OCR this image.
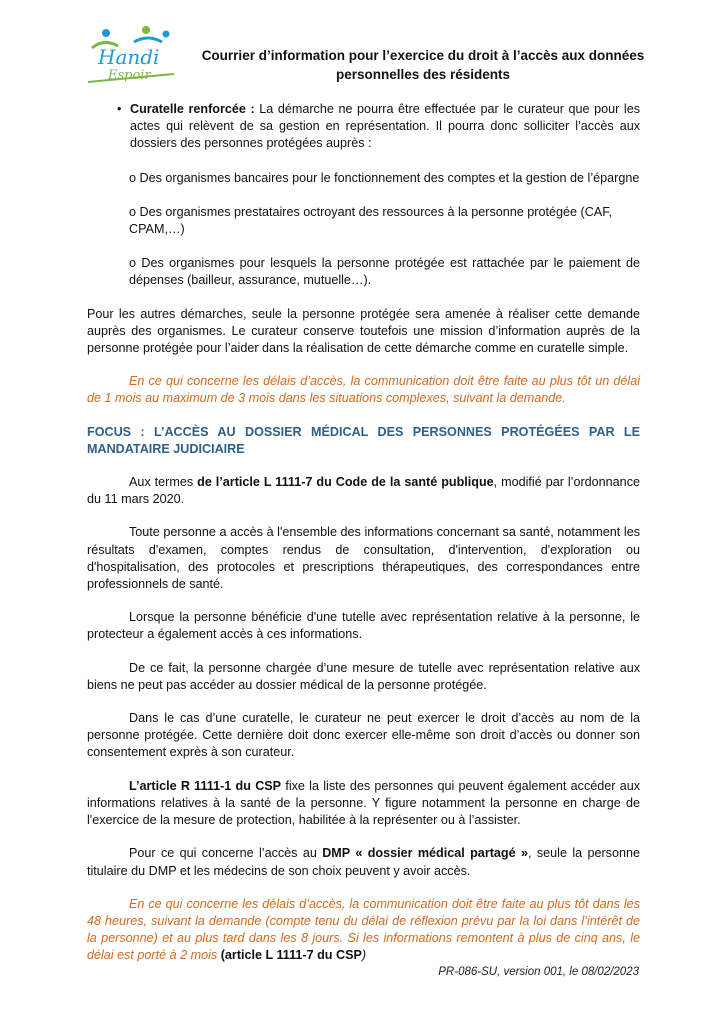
Handi
Espoir
Courrier d’information pour l’exercice du droit à l’accès aux données
personnelles des résidents
• Curatelle renforcée : La démarche ne pourra être effectuée par le curateur que pour les actes qui relèvent de sa gestion en représentation. Il pourra donc solliciter l’accès aux dossiers des personnes protégées auprès :

o Des organismes bancaires pour le fonctionnement des comptes et la gestion de l’épargne

o Des organismes prestataires octroyant des ressources à la personne protégée (CAF, CPAM,…)

o Des organismes pour lesquels la personne protégée est rattachée par le paiement de dépenses (bailleur, assurance, mutuelle…).

Pour les autres démarches, seule la personne protégée sera amenée à réaliser cette demande auprès des organismes. Le curateur conserve toutefois une mission d’information auprès de la personne protégée pour l’aider dans la réalisation de cette démarche comme en curatelle simple.

En ce qui concerne les délais d’accès, la communication doit être faite au plus tôt un délai de 1 mois au maximum de 3 mois dans les situations complexes, suivant la demande.

FOCUS : L’ACCÈS AU DOSSIER MÉDICAL DES PERSONNES PROTÉGÉES PAR LE MANDATAIRE JUDICIAIRE

Aux termes de l’article L 1111-7 du Code de la santé publique, modifié par l’ordonnance du 11 mars 2020.

Toute personne a accès à l'ensemble des informations concernant sa santé, notamment les résultats d'examen, comptes rendus de consultation, d'intervention, d'exploration ou d'hospitalisation, des protocoles et prescriptions thérapeutiques, des correspondances entre professionnels de santé.

Lorsque la personne bénéficie d'une tutelle avec représentation relative à la personne, le protecteur a également accès à ces informations.

De ce fait, la personne chargée d’une mesure de tutelle avec représentation relative aux biens ne peut pas accéder au dossier médical de la personne protégée.

Dans le cas d’une curatelle, le curateur ne peut exercer le droit d’accès au nom de la personne protégée. Cette dernière doit donc exercer elle-même son droit d’accès ou donner son consentement exprès à son curateur.

L’article R 1111-1 du CSP fixe la liste des personnes qui peuvent également accéder aux informations relatives à la santé de la personne. Y figure notamment la personne en charge de l'exercice de la mesure de protection, habilitée à la représenter ou à l’assister.

Pour ce qui concerne l’accès au DMP « dossier médical partagé », seule la personne titulaire du DMP et les médecins de son choix peuvent y avoir accès.

En ce qui concerne les délais d’accès, la communication doit être faite au plus tôt dans les 48 heures, suivant la demande (compte tenu du délai de réflexion prévu par la loi dans l’intérêt de la personne) et au plus tard dans les 8 jours. Si les informations remontent à plus de cinq ans, le délai est porté à 2 mois (article L 1111-7 du CSP)

PR-086-SU, version 001, le 08/02/2023
